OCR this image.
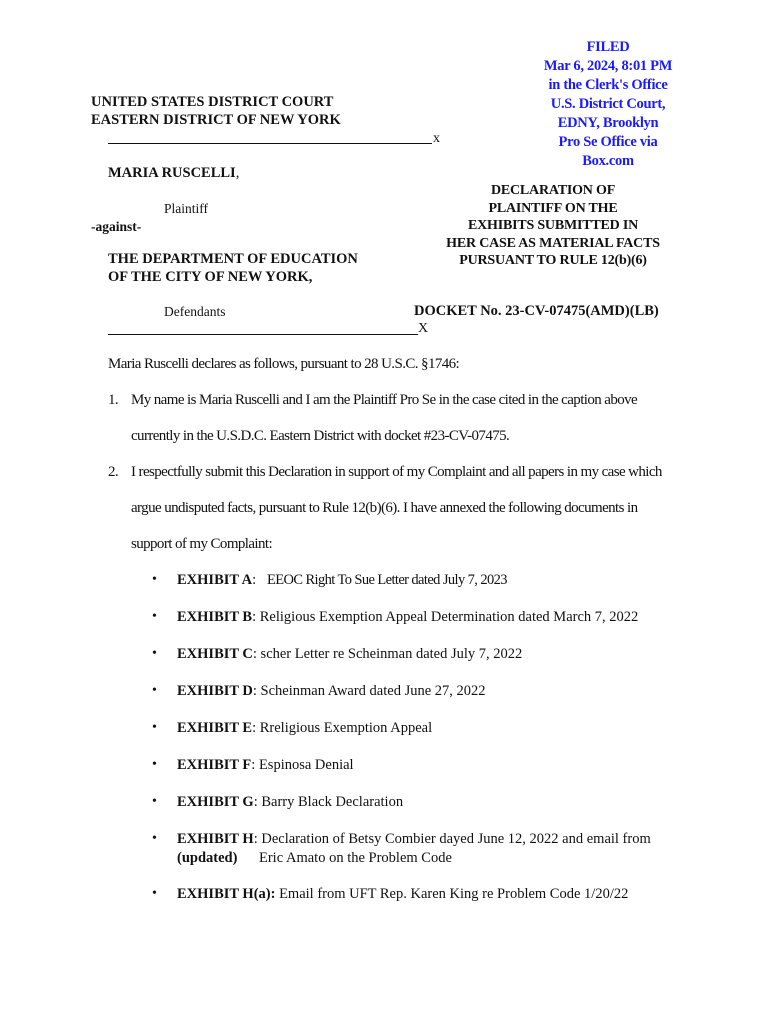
FILED
Mar 6, 2024, 8:01 PM
in the Clerk's Office
U.S. District Court,
EDNY, Brooklyn
Pro Se Office via
Box.com
UNITED STATES DISTRICT COURT
EASTERN DISTRICT OF NEW YORK
x
MARIA RUSCELLI,
Plaintiff
-against-
DECLARATION OF
PLAINTIFF ON THE
EXHIBITS SUBMITTED IN
HER CASE AS MATERIAL FACTS
PURSUANT TO RULE 12(b)(6)
THE DEPARTMENT OF EDUCATION
OF THE CITY OF NEW YORK,
Defendants	DOCKET No. 23-CV-07475(AMD)(LB)
X
Maria Ruscelli declares as follows, pursuant to 28 U.S.C. §1746:
1. My name is Maria Ruscelli and I am the Plaintiff Pro Se in the case cited in the caption above
currently in the U.S.D.C. Eastern District with docket #23-CV-07475.
2. I respectfully submit this Declaration in support of my Complaint and all papers in my case which
argue undisputed facts, pursuant to Rule 12(b)(6). I have annexed the following documents in
support of my Complaint:
• EXHIBIT A:   EEOC Right To Sue Letter dated July 7, 2023
• EXHIBIT B: Religious Exemption Appeal Determination dated March 7, 2022
• EXHIBIT C: scher Letter re Scheinman dated July 7, 2022
• EXHIBIT D: Scheinman Award dated June 27, 2022
• EXHIBIT E: Rreligious Exemption Appeal
• EXHIBIT F: Espinosa Denial
• EXHIBIT G: Barry Black Declaration
• EXHIBIT H: Declaration of Betsy Combier dayed June 12, 2022 and email from
(updated) Eric Amato on the Problem Code
• EXHIBIT H(a): Email from UFT Rep. Karen King re Problem Code 1/20/22
